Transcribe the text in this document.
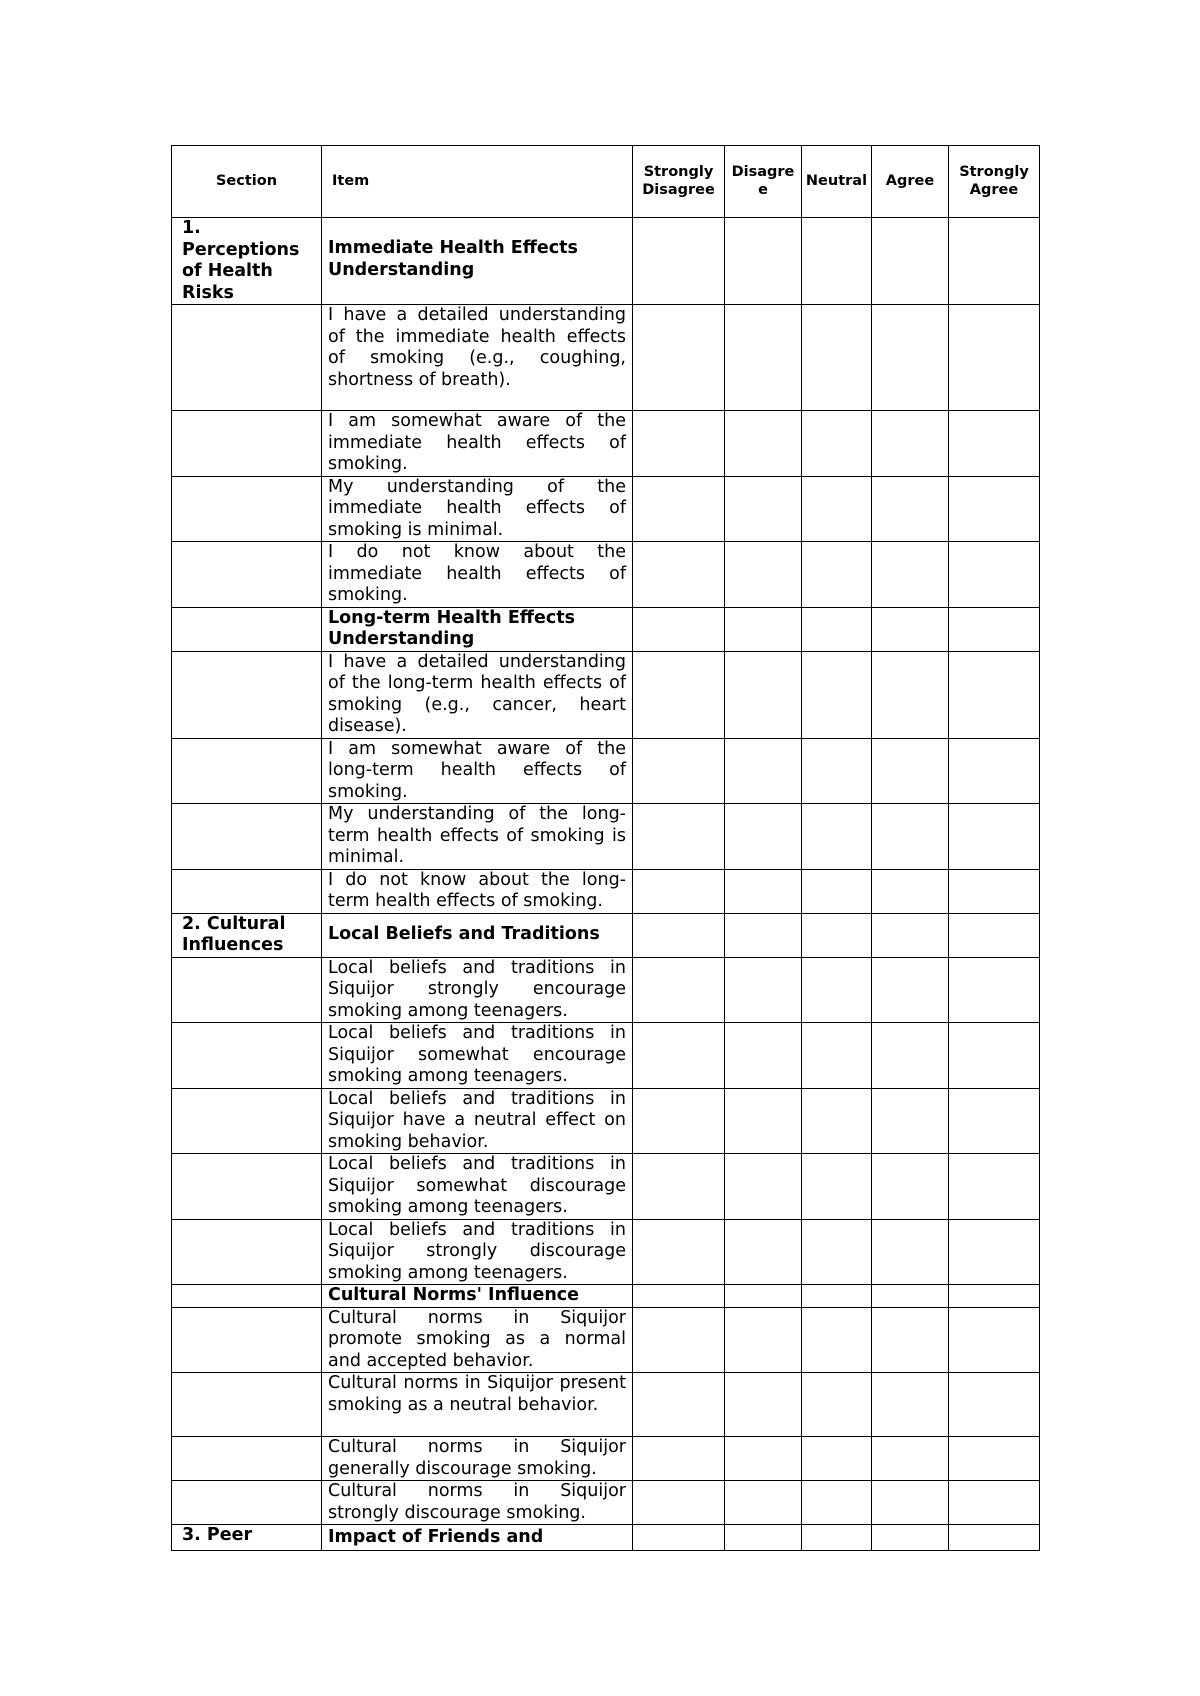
Section	Item	Strongly Disagree	Disagree	Neutral	Agree	Strongly Agree
1. Perceptions of Health Risks	Immediate Health Effects Understanding					
	I have a detailed understanding of the immediate health effects of smoking (e.g., coughing, shortness of breath).					
	I am somewhat aware of the immediate health effects of smoking.					
	My understanding of the immediate health effects of smoking is minimal.					
	I do not know about the immediate health effects of smoking.					
	Long-term Health Effects Understanding					
	I have a detailed understanding of the long-term health effects of smoking (e.g., cancer, heart disease).					
	I am somewhat aware of the long-term health effects of smoking.					
	My understanding of the long-term health effects of smoking is minimal.					
	I do not know about the long-term health effects of smoking.					
2. Cultural Influences	Local Beliefs and Traditions					
	Local beliefs and traditions in Siquijor strongly encourage smoking among teenagers.					
	Local beliefs and traditions in Siquijor somewhat encourage smoking among teenagers.					
	Local beliefs and traditions in Siquijor have a neutral effect on smoking behavior.					
	Local beliefs and traditions in Siquijor somewhat discourage smoking among teenagers.					
	Local beliefs and traditions in Siquijor strongly discourage smoking among teenagers.					
	Cultural Norms' Influence					
	Cultural norms in Siquijor promote smoking as a normal and accepted behavior.					
	Cultural norms in Siquijor present smoking as a neutral behavior.					
	Cultural norms in Siquijor generally discourage smoking.					
	Cultural norms in Siquijor strongly discourage smoking.					
3. Peer	Impact of Friends and					
